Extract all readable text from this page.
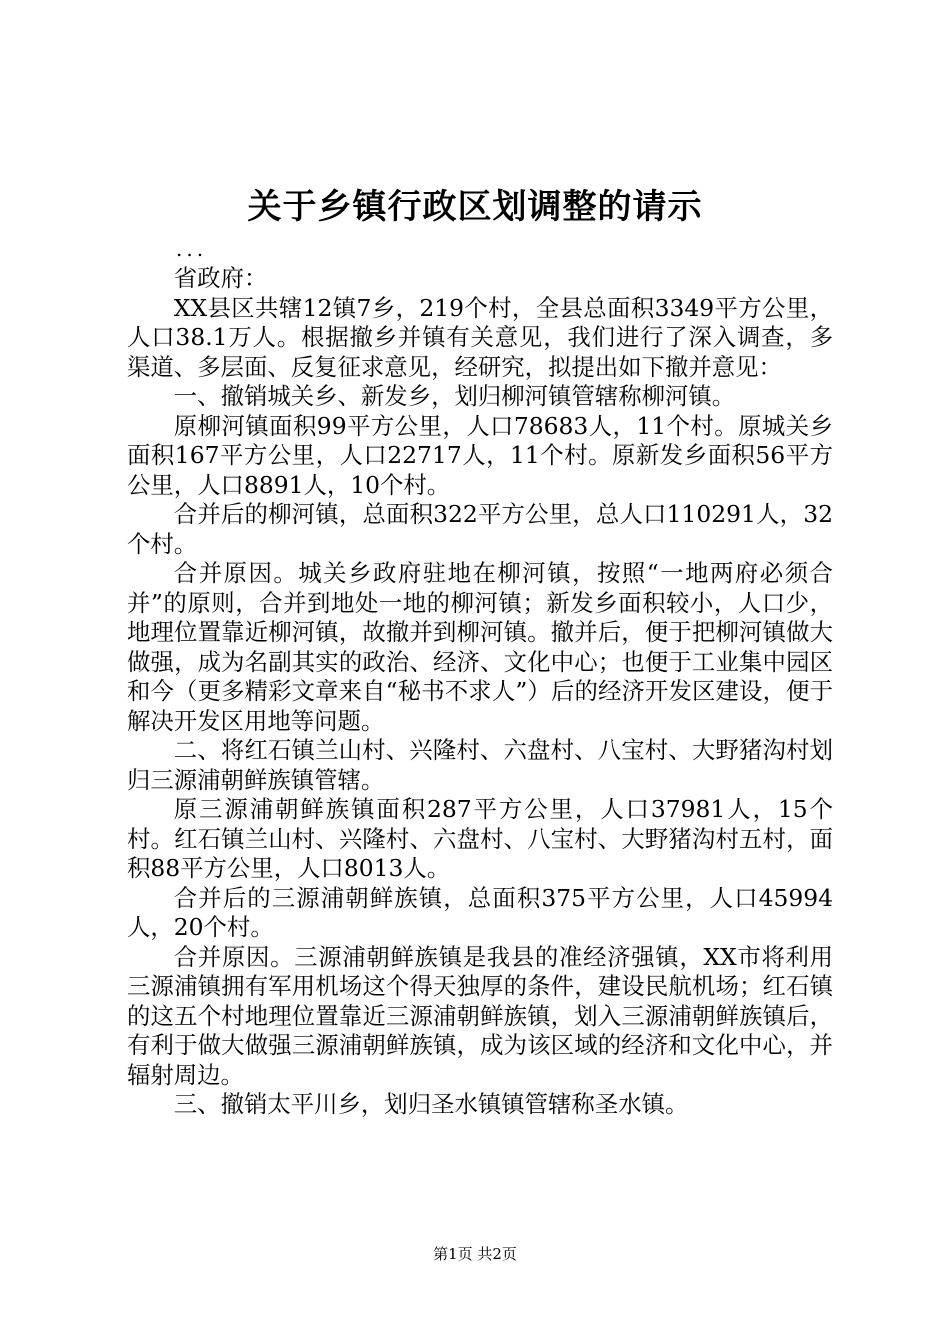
关于乡镇行政区划调整的请示
...

省政府：

XX县区共辖12镇7乡，219个村，全县总面积3349平方公里，人口38.1万人。根据撤乡并镇有关意见，我们进行了深入调查，多渠道、多层面、反复征求意见，经研究，拟提出如下撤并意见：

一、撤销城关乡、新发乡，划归柳河镇管辖称柳河镇。

原柳河镇面积99平方公里，人口78683人，11个村。原城关乡面积167平方公里，人口22717人，11个村。原新发乡面积56平方公里，人口8891人，10个村。

合并后的柳河镇，总面积322平方公里，总人口110291人，32个村。

合并原因。城关乡政府驻地在柳河镇，按照“一地两府必须合并”的原则，合并到地处一地的柳河镇；新发乡面积较小，人口少，地理位置靠近柳河镇，故撤并到柳河镇。撤并后，便于把柳河镇做大做强，成为名副其实的政治、经济、文化中心；也便于工业集中园区和今（更多精彩文章来自“秘书不求人”）后的经济开发区建设，便于解决开发区用地等问题。

二、将红石镇兰山村、兴隆村、六盘村、八宝村、大野猪沟村划归三源浦朝鲜族镇管辖。

原三源浦朝鲜族镇面积287平方公里，人口37981人，15个村。红石镇兰山村、兴隆村、六盘村、八宝村、大野猪沟村五村，面积88平方公里，人口8013人。

合并后的三源浦朝鲜族镇，总面积375平方公里，人口45994人，20个村。

合并原因。三源浦朝鲜族镇是我县的准经济强镇，XX市将利用三源浦镇拥有军用机场这个得天独厚的条件，建设民航机场；红石镇的这五个村地理位置靠近三源浦朝鲜族镇，划入三源浦朝鲜族镇后，有利于做大做强三源浦朝鲜族镇，成为该区域的经济和文化中心，并辐射周边。

三、撤销太平川乡，划归圣水镇镇管辖称圣水镇。

第1页 共2页
